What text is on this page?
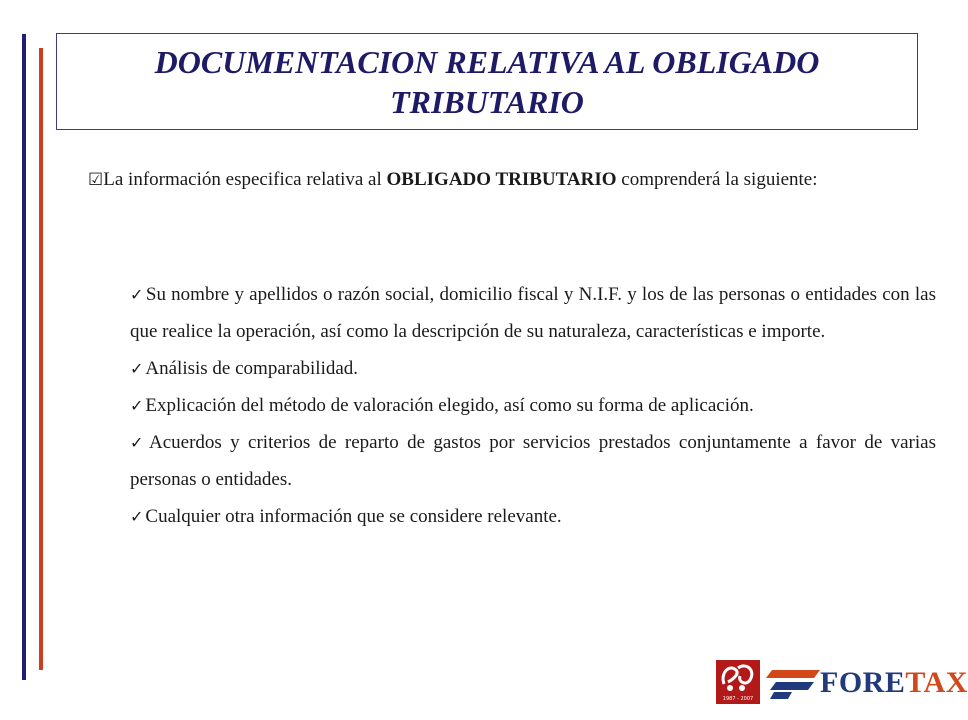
DOCUMENTACION RELATIVA AL OBLIGADO TRIBUTARIO

☑La información especifica relativa al OBLIGADO TRIBUTARIO comprenderá la siguiente:

✓ Su nombre y apellidos o razón social, domicilio fiscal y N.I.F. y los de las personas o entidades con las que realice la operación, así como la descripción de su naturaleza, características e importe.
✓ Análisis de comparabilidad.
✓ Explicación del método de valoración elegido, así como su forma de aplicación.
✓ Acuerdos y criterios de reparto de gastos por servicios prestados conjuntamente a favor de varias personas o entidades.
✓ Cualquier otra información que se considere relevante.
1987 - 2007 FORETAX
